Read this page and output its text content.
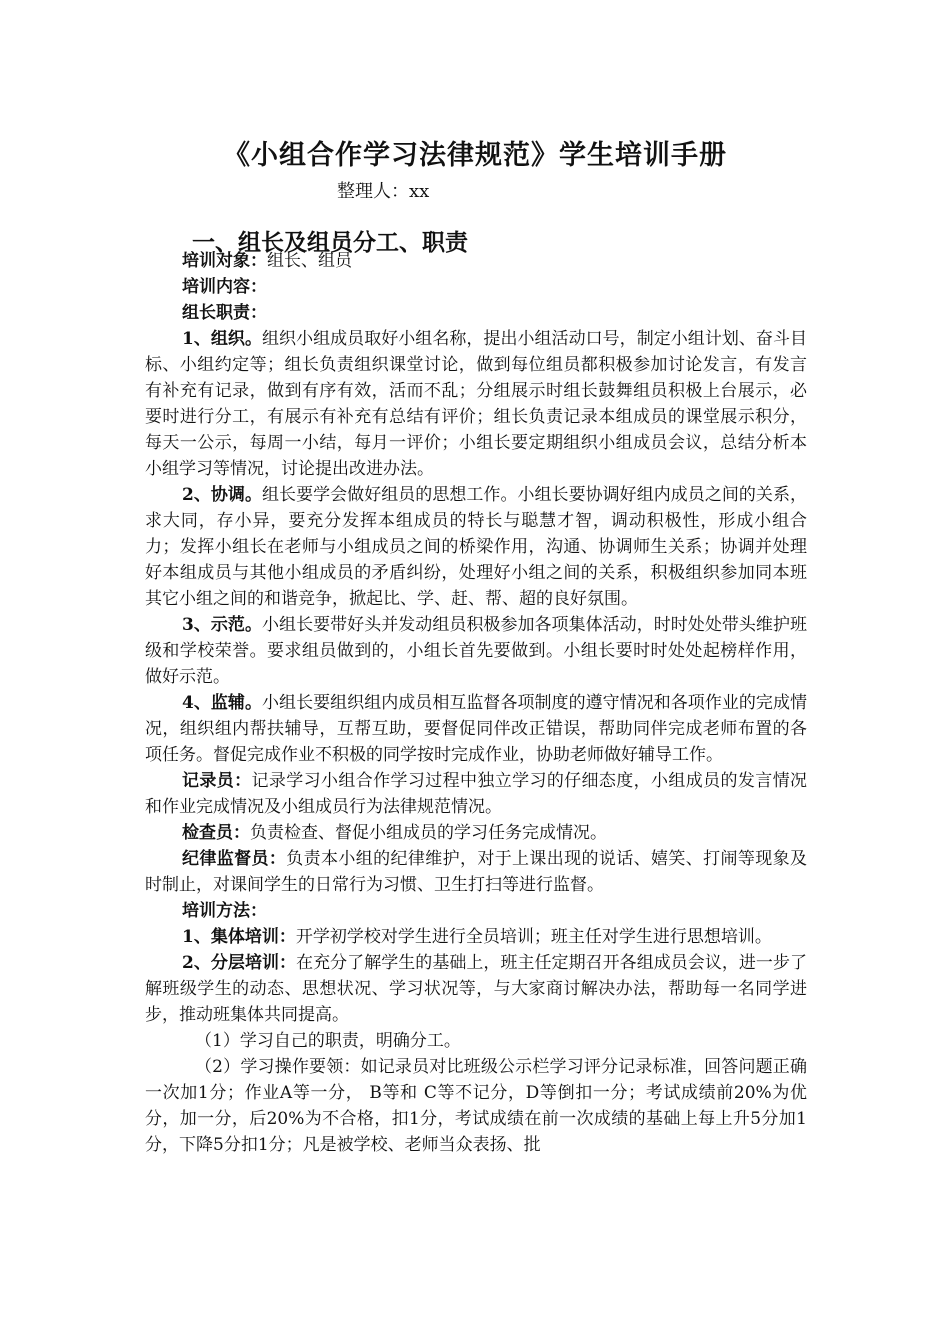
《小组合作学习法律规范》学生培训手册
整理人：xx
一、组长及组员分工、职责

培训对象：组长、组员

培训内容：

组长职责：

1、组织。组织小组成员取好小组名称，提出小组活动口号，制定小组计划、奋斗目标、小组约定等；组长负责组织课堂讨论，做到每位组员都积极参加讨论发言，有发言有补充有记录，做到有序有效，活而不乱；分组展示时组长鼓舞组员积极上台展示，必要时进行分工，有展示有补充有总结有评价；组长负责记录本组成员的课堂展示积分，每天一公示，每周一小结，每月一评价；小组长要定期组织小组成员会议，总结分析本小组学习等情况，讨论提出改进办法。

2、协调。组长要学会做好组员的思想工作。小组长要协调好组内成员之间的关系，求大同，存小异，要充分发挥本组成员的特长与聪慧才智，调动积极性，形成小组合力；发挥小组长在老师与小组成员之间的桥梁作用，沟通、协调师生关系；协调并处理好本组成员与其他小组成员的矛盾纠纷，处理好小组之间的关系，积极组织参加同本班其它小组之间的和谐竞争，掀起比、学、赶、帮、超的良好氛围。

3、示范。小组长要带好头并发动组员积极参加各项集体活动，时时处处带头维护班级和学校荣誉。要求组员做到的，小组长首先要做到。小组长要时时处处起榜样作用，做好示范。

4、监辅。小组长要组织组内成员相互监督各项制度的遵守情况和各项作业的完成情况，组织组内帮扶辅导，互帮互助，要督促同伴改正错误，帮助同伴完成老师布置的各项任务。督促完成作业不积极的同学按时完成作业，协助老师做好辅导工作。

记录员：记录学习小组合作学习过程中独立学习的仔细态度，小组成员的发言情况和作业完成情况及小组成员行为法律规范情况。

检查员：负责检查、督促小组成员的学习任务完成情况。

纪律监督员：负责本小组的纪律维护，对于上课出现的说话、嬉笑、打闹等现象及时制止，对课间学生的日常行为习惯、卫生打扫等进行监督。

培训方法：

1、集体培训：开学初学校对学生进行全员培训；班主任对学生进行思想培训。

2、分层培训：在充分了解学生的基础上，班主任定期召开各组成员会议，进一步了解班级学生的动态、思想状况、学习状况等，与大家商讨解决办法，帮助每一名同学进步，推动班集体共同提高。

（1）学习自己的职责，明确分工。

（2）学习操作要领：如记录员对比班级公示栏学习评分记录标准，回答问题正确一次加1分；作业A等一分， B等和 C等不记分，D等倒扣一分；考试成绩前20%为优分，加一分，后20%为不合格，扣1分，考试成绩在前一次成绩的基础上每上升5分加1分，下降5分扣1分；凡是被学校、老师当众表扬、批
